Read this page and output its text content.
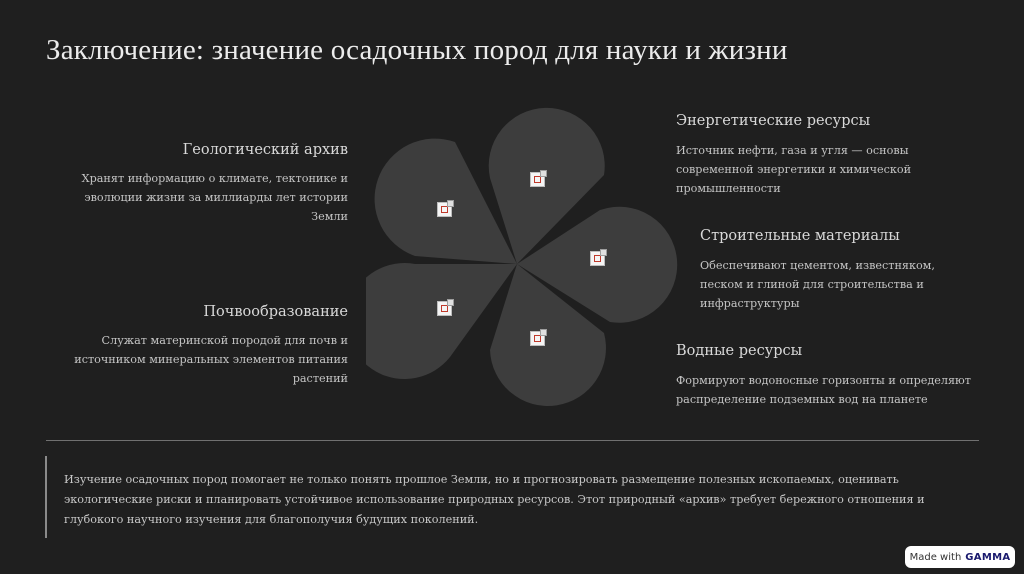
Заключение: значение осадочных пород для науки и жизни
Геологический архив

Хранят информацию о климате, тектонике и эволюции жизни за миллиарды лет истории Земли

Почвообразование

Служат материнской породой для почв и источником минеральных элементов питания растений

Энергетические ресурсы

Источник нефти, газа и угля — основы современной энергетики и химической промышленности

Строительные материалы

Обеспечивают цементом, известняком, песком и глиной для строительства и инфраструктуры

Водные ресурсы

Формируют водоносные горизонты и определяют распределение подземных вод на планете

Изучение осадочных пород помогает не только понять прошлое Земли, но и прогнозировать размещение полезных ископаемых, оценивать экологические риски и планировать устойчивое использование природных ресурсов. Этот природный «архив» требует бережного отношения и глубокого научного изучения для благополучия будущих поколений.

Made with GAMMA
